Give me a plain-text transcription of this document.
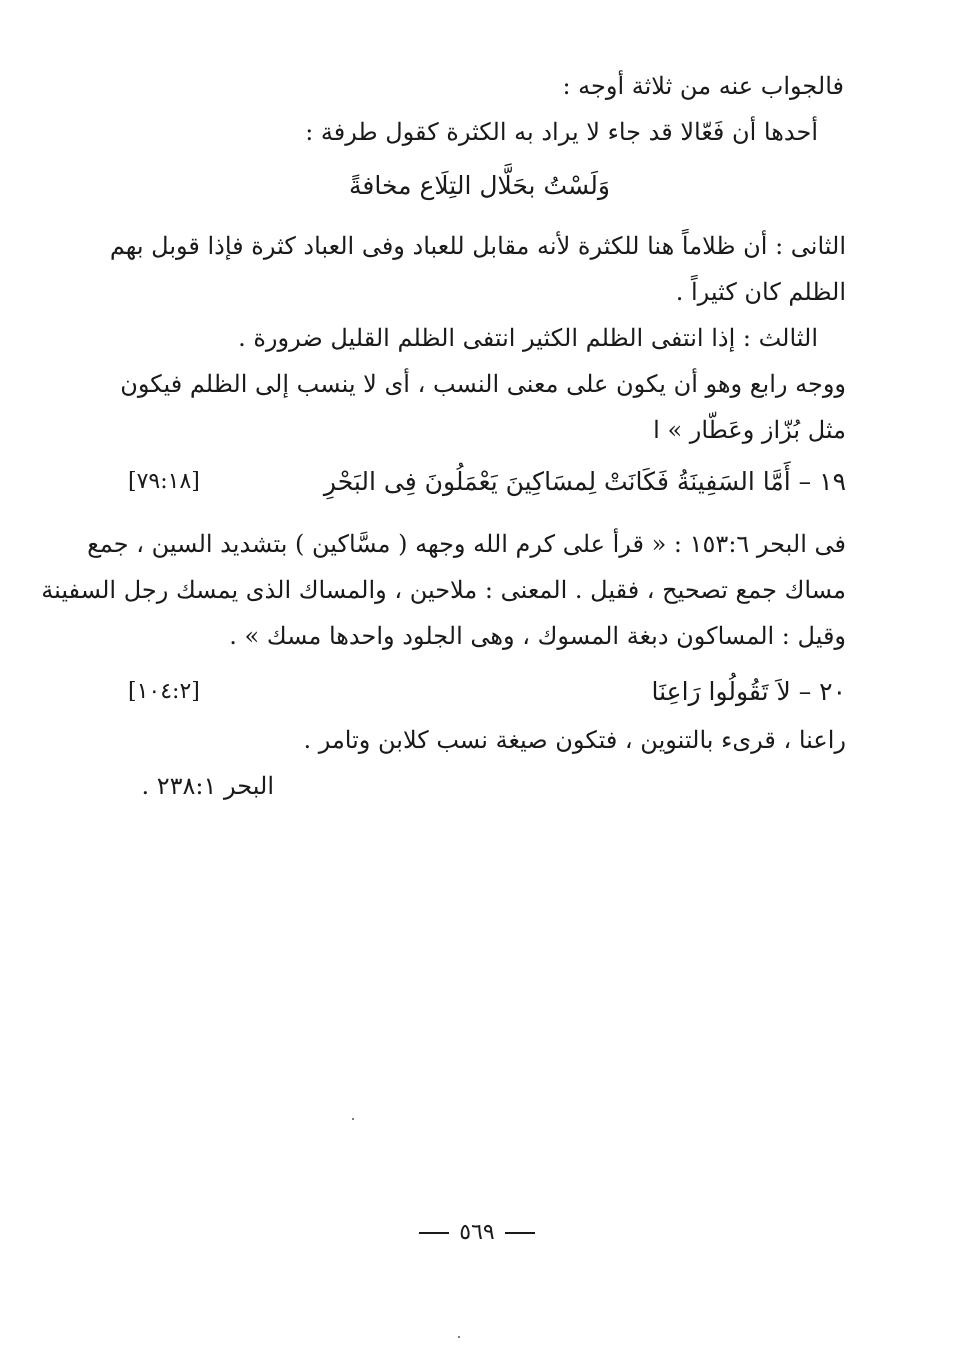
فالجواب عنه من ثلاثة أوجه :
أحدها أن فَعّالا قد جاء لا يراد به الكثرة كقول طرفة :
وَلَسْتُ بحَلَّال التِلَاع مخافةً
الثانى : أن ظلاماً هنا للكثرة لأنه مقابل للعباد وفى العباد كثرة فإذا قوبل بهم
الظلم كان كثيراً .
الثالث : إذا انتفى الظلم الكثير انتفى الظلم القليل ضرورة .
ووجه رابع وهو أن يكون على معنى النسب ، أى لا ينسب إلى الظلم فيكون
مثل بُزّاز وعَطّار » ا
١٩ – أَمَّا السَفِينَةُ فَكَانَتْ لِمسَاكِينَ يَعْمَلُونَ فِى البَحْرِ
[٧٩:١٨]
فى البحر ١٥٣:٦ : « قرأ على كرم الله وجهه ( مسَّاكين ) بتشديد السين ، جمع
مساك جمع تصحيح ، فقيل . المعنى : ملاحين ، والمساك الذى يمسك رجل السفينة
وقيل : المساكون دبغة المسوك ، وهى الجلود واحدها مسك » .
٢٠ – لاَ تَقُولُوا رَاعِنَا
[١٠٤:٢]
راعنا ، قرىء بالتنوين ، فتكون صيغة نسب كلابن وتامر .
البحر ٢٣٨:١ .
٥٦٩
